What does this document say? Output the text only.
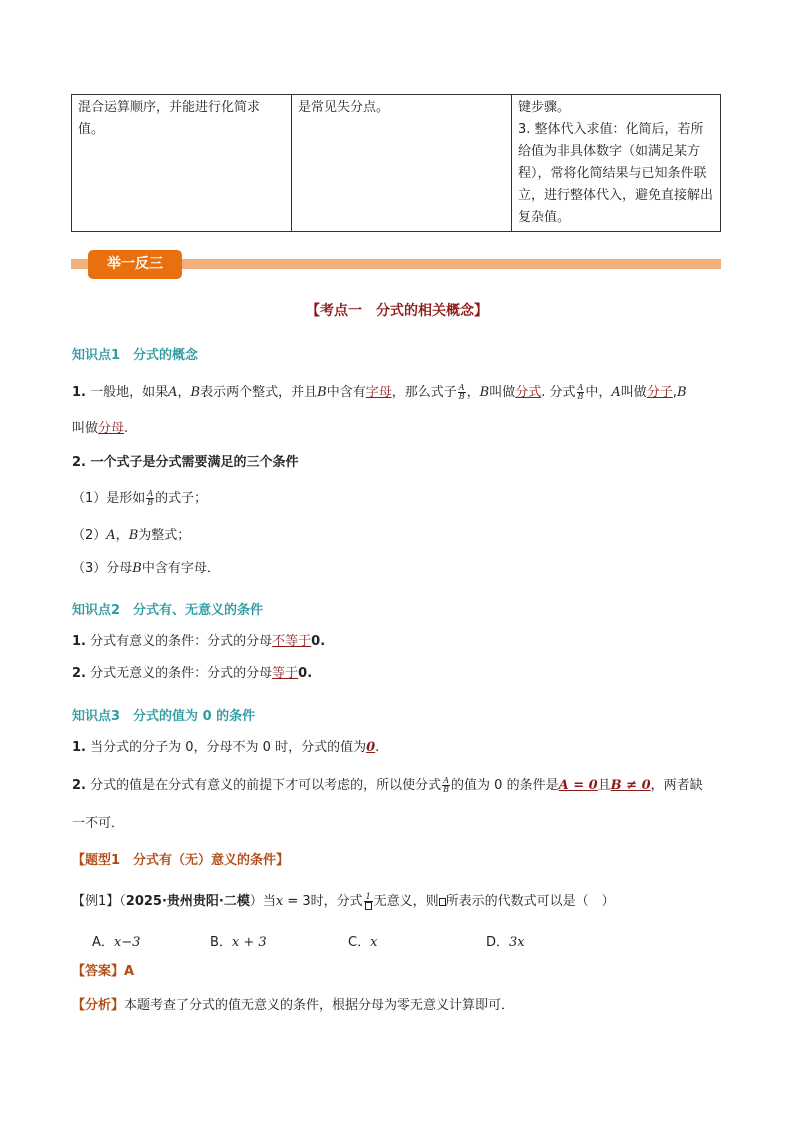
混合运算顺序，并能进行化简求值。	是常见失分点。	键步骤。
3. 整体代入求值：化简后，若所给值为非具体数字（如满足某方程），常将化简结果与已知条件联立，进行整体代入，避免直接解出复杂值。
举一反三
【考点一　分式的相关概念】
知识点1　分式的概念
1. 一般地，如果A，B表示两个整式，并且B中含有字母，那么式子 $\frac{A}{B}$ ，B叫做分式. 分式 $\frac{A}{B}$ 中，A叫做分子,B
叫做分母.
2. 一个式子是分式需要满足的三个条件
（1）是形如 $\frac{A}{B}$ 的式子；
（2）A，B为整式；
（3）分母B中含有字母．
知识点2　分式有、无意义的条件
1. 分式有意义的条件：分式的分母不等于0.
2. 分式无意义的条件：分式的分母等于0.
知识点3　分式的值为 0 的条件
1. 当分式的分子为 0，分母不为 0 时，分式的值为0.
2. 分式的值是在分式有意义的前提下才可以考虑的，所以使分式 $\frac{A}{B}$ 的值为 0 的条件是A = 0且B ≠ 0，两者缺
一不可．
【题型1　分式有（无）意义的条件】
【例1】（2025·贵州贵阳·二模）当x = 3时，分式 1 无意义，则 所表示的代数式可以是（　）
A．x−3	B．x + 3	C．x	D．3x
【答案】A
【分析】本题考查了分式的值无意义的条件，根据分母为零无意义计算即可．
